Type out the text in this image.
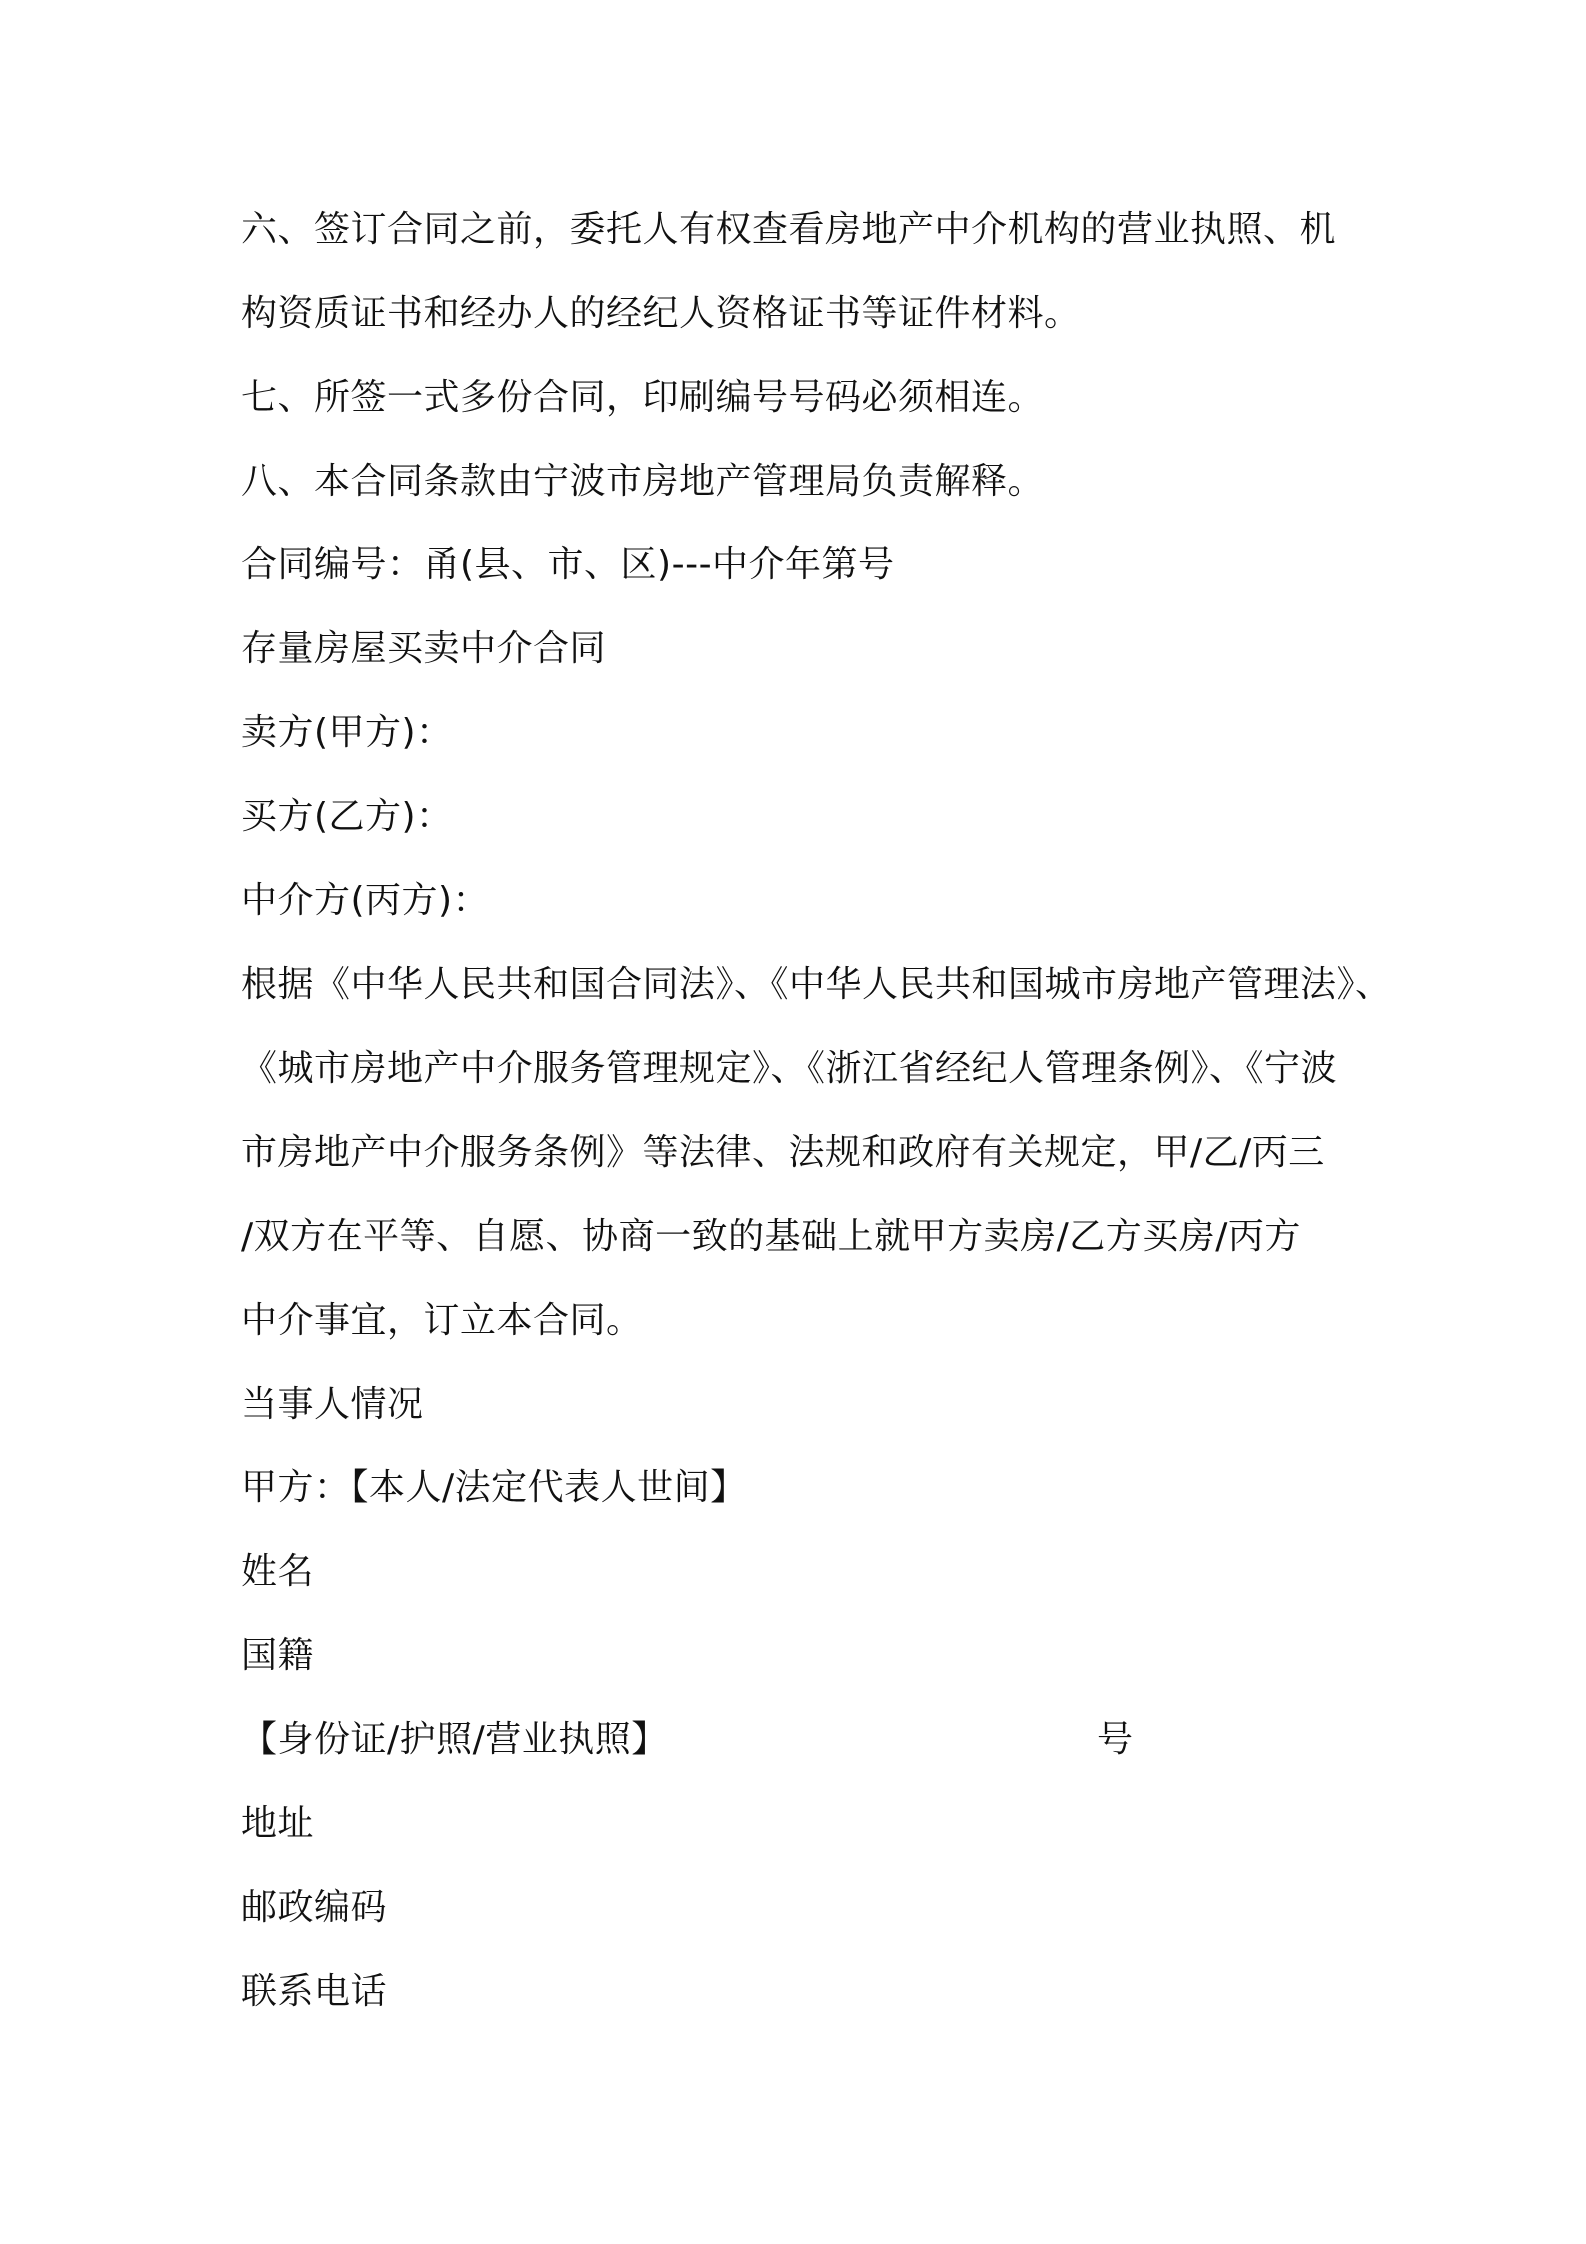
六、签订合同之前，委托人有权查看房地产中介机构的营业执照、机
构资质证书和经办人的经纪人资格证书等证件材料。
七、所签一式多份合同，印刷编号号码必须相连。
八、本合同条款由宁波市房地产管理局负责解释。
合同编号：甬(县、市、区)---中介年第号
存量房屋买卖中介合同
卖方(甲方)：
买方(乙方)：
中介方(丙方)：
根据《中华人民共和国合同法》、《中华人民共和国城市房地产管理法》、
《城市房地产中介服务管理规定》、《浙江省经纪人管理条例》、《宁波
市房地产中介服务条例》等法律、法规和政府有关规定，甲/乙/丙三
/双方在平等、自愿、协商一致的基础上就甲方卖房/乙方买房/丙方
中介事宜，订立本合同。
当事人情况
甲方：【本人/法定代表人世间】
姓名
国籍
【身份证/护照/营业执照】	号
地址
邮政编码
联系电话
